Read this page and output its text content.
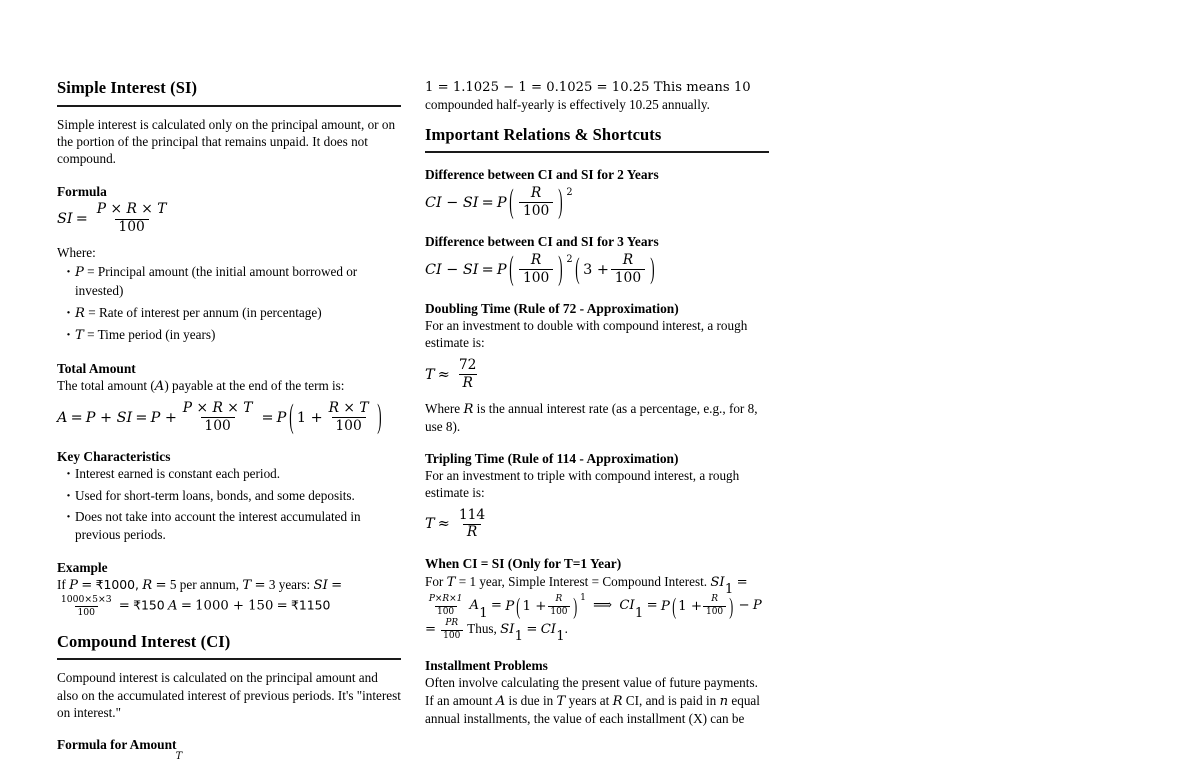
Simple Interest (SI)

Simple interest is calculated only on the principal amount, or on the portion of the principal that remains unpaid. It does not compound.

Formula
SI = $\frac{P \times R \times T}{100}$

Where:

· P = Principal amount (the initial amount borrowed or invested)
· R = Rate of interest per annum (in percentage)
· T = Time period (in years)
Total Amount

The total amount (A) payable at the end of the term is:

A = P + SI = $P + \frac{P \times R \times T}{100} = P$ ( $1 + \frac{R \times T}{100}$ )
Key Characteristics
· Interest earned is constant each period.
· Used for short-term loans, bonds, and some deposits.
· Does not take into account the interest accumulated in previous periods.
Example

If P = ₹1000, R = 5 per annum, T = 3 years: SI =
$\frac{1000\times 5\times 3}{100}$ = ₹150 A = 1000 + 150 = ₹1150

Compound Interest (CI)

Compound interest is calculated on the principal amount and also on the accumulated interest of previous periods. It's "interest on interest."

Formula for Amount
T

1 = 1.1025 − 1 = 0.1025 = 10.25 This means 10 compounded half-yearly is effectively 10.25 annually.

Important Relations & Shortcuts
Difference between CI and SI for 2 Years
CI − SI = P ( $\frac{R}{100}$ ) 2
Difference between CI and SI for 3 Years
CI − SI = P ( $\frac{R}{100}$ ) 2 ( $3 + \frac{R}{100}$ )
Doubling Time (Rule of 72 - Approximation)

For an investment to double with compound interest, a rough estimate is:

$T \approx \frac{72}{R}$

Where R is the annual interest rate (as a percentage, e.g., for 8, use 8).

Tripling Time (Rule of 114 - Approximation)

For an investment to triple with compound interest, a rough estimate is:

$T \approx \frac{114}{R}$
When CI = SI (Only for T=1 Year)

For T = 1 year, Simple Interest = Compound Interest. SI1 =
$\frac{P\times R\times 1}{100} A1 = P$ ( $1 + \frac{R}{100}$ ) 1
⟹ CI1 = P ( $1 + \frac{R}{100}$ ) − $P = \frac{PR}{100}$ Thus, SI1 = CI1.

Installment Problems

Often involve calculating the present value of future payments. If an amount A is due in T years at R CI, and is paid in n equal annual installments, the value of each installment (X) can be
